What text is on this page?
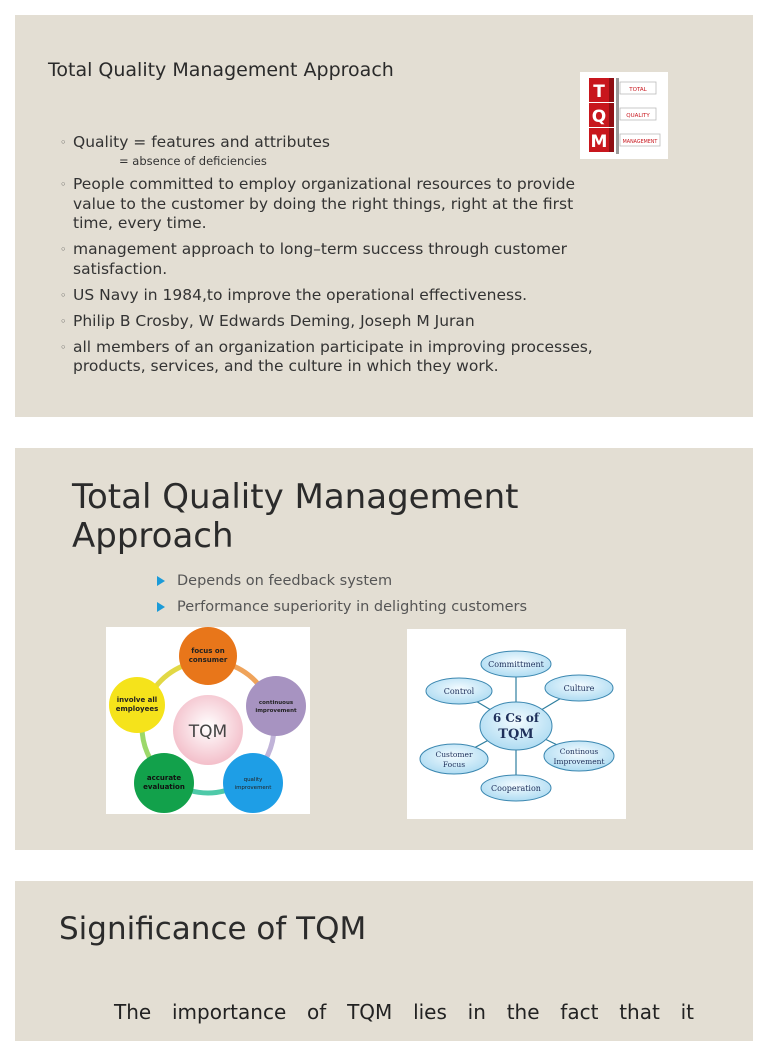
Total Quality Management Approach
◦ Quality = features and attributes
= absence of deficiencies
◦ People committed to employ organizational resources to provide value to the customer by doing the right things, right at the first time, every time.
◦ management approach to long–term success through customer satisfaction.
◦ US Navy in 1984,to improve the operational effectiveness.
◦ Philip B Crosby, W Edwards Deming, Joseph M Juran
◦ all members of an organization participate in improving processes, products, services, and the culture in which they work.
T
Q
M
TOTAL
QUALITY
MANAGEMENT
Total Quality Management Approach
Depends on feedback system
Performance superiority in delighting customers
TQM
focus on
consumer
continuous
improvement
quality
improvement
accurate
evaluation
involve all
employees
6 Cs of
TQM
Committment
Culture
Continous
Improvement
Cooperation
Customer
Focus
Control
Significance of TQM
The importance of TQM lies in the fact that it
